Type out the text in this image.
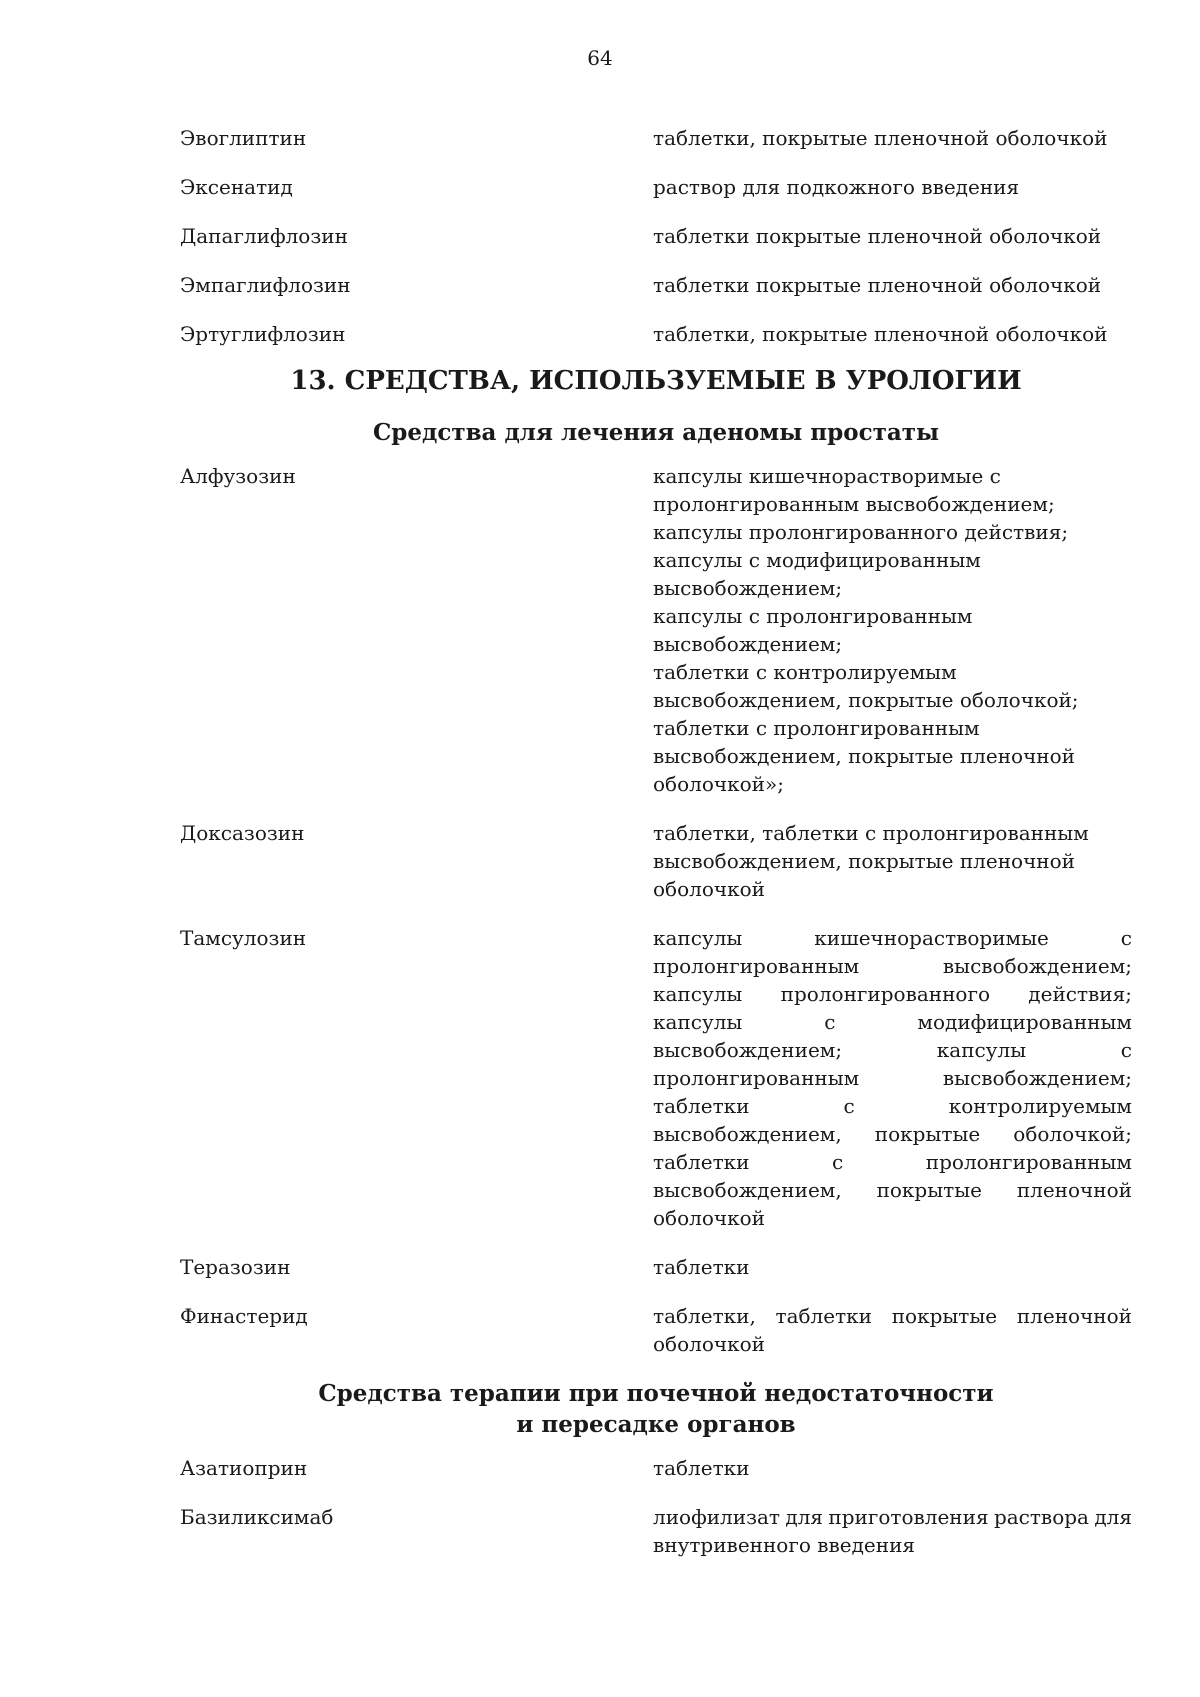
64
Эвоглиптин	таблетки, покрытые пленочной оболочкой
Эксенатид	раствор для подкожного введения
Дапаглифлозин	таблетки покрытые пленочной оболочкой
Эмпаглифлозин	таблетки покрытые пленочной оболочкой
Эртуглифлозин	таблетки, покрытые пленочной оболочкой
13. СРЕДСТВА, ИСПОЛЬЗУЕМЫЕ В УРОЛОГИИ
Средства для лечения аденомы простаты
Алфузозин	капсулы кишечнорастворимые с
пролонгированным высвобождением;
капсулы пролонгированного действия;
капсулы с модифицированным
высвобождением;
капсулы с пролонгированным
высвобождением;
таблетки с контролируемым
высвобождением, покрытые оболочкой;
таблетки с пролонгированным
высвобождением, покрытые пленочной
оболочкой»;
Доксазозин	таблетки, таблетки с пролонгированным
высвобождением, покрытые пленочной
оболочкой
Тамсулозин	капсулы	кишечнорастворимые	с
пролонгированным	высвобождением;
капсулы пролонгированного действия;
капсулы	с	модифицированным
высвобождением;	капсулы	с
пролонгированным	высвобождением;
таблетки	с	контролируемым
высвобождением, покрытые оболочкой;
таблетки	с	пролонгированным
высвобождением, покрытые пленочной
оболочкой
Теразозин	таблетки
Финастерид	таблетки, таблетки покрытые пленочной
оболочкой
Средства терапии при почечной недостаточности
и пересадке органов
Азатиоприн	таблетки
Базиликсимаб	лиофилизат для приготовления раствора для
внутривенного введения
